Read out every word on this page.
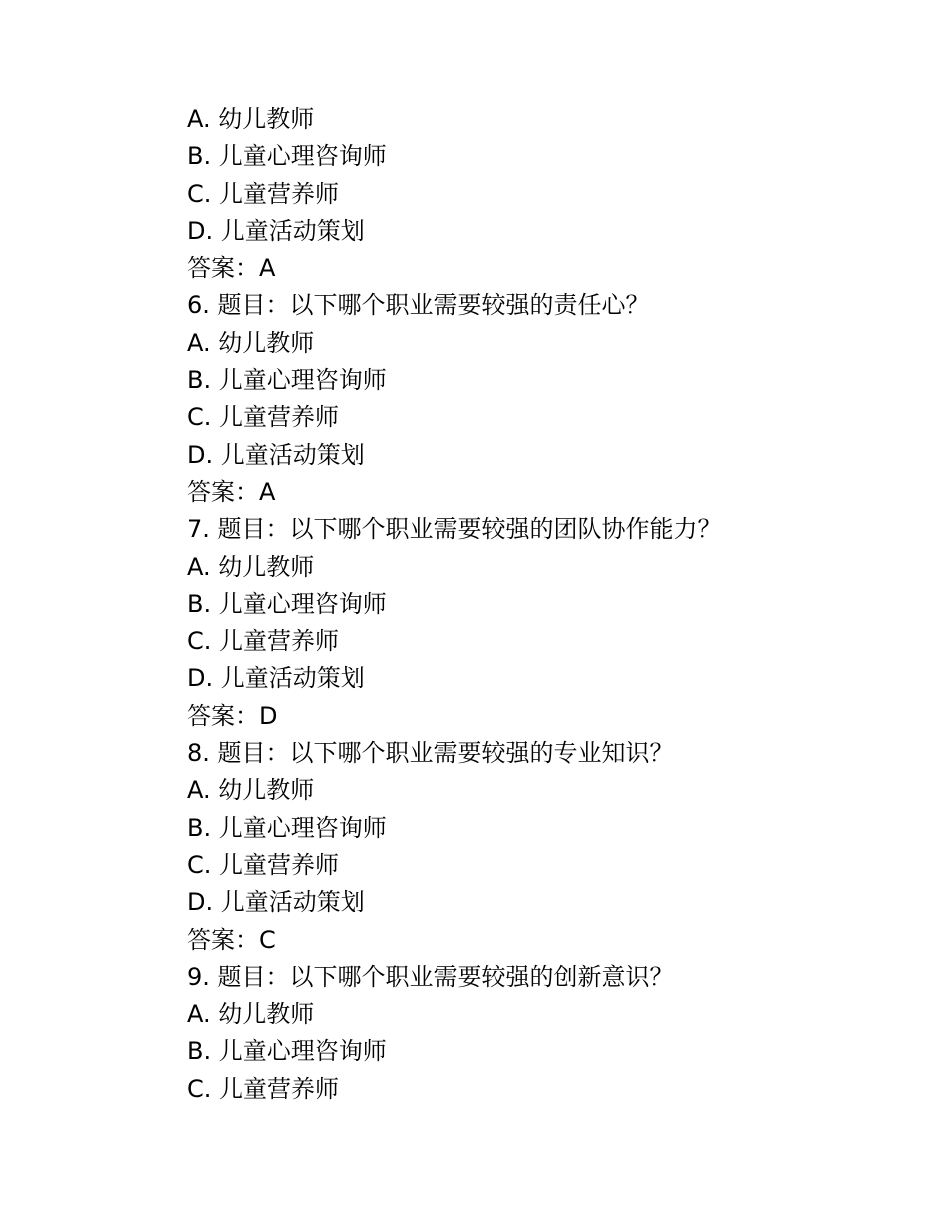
A. 幼儿教师
B. 儿童心理咨询师
C. 儿童营养师
D. 儿童活动策划
答案：A
6. 题目：以下哪个职业需要较强的责任心？
A. 幼儿教师
B. 儿童心理咨询师
C. 儿童营养师
D. 儿童活动策划
答案：A
7. 题目：以下哪个职业需要较强的团队协作能力？
A. 幼儿教师
B. 儿童心理咨询师
C. 儿童营养师
D. 儿童活动策划
答案：D
8. 题目：以下哪个职业需要较强的专业知识？
A. 幼儿教师
B. 儿童心理咨询师
C. 儿童营养师
D. 儿童活动策划
答案：C
9. 题目：以下哪个职业需要较强的创新意识？
A. 幼儿教师
B. 儿童心理咨询师
C. 儿童营养师
